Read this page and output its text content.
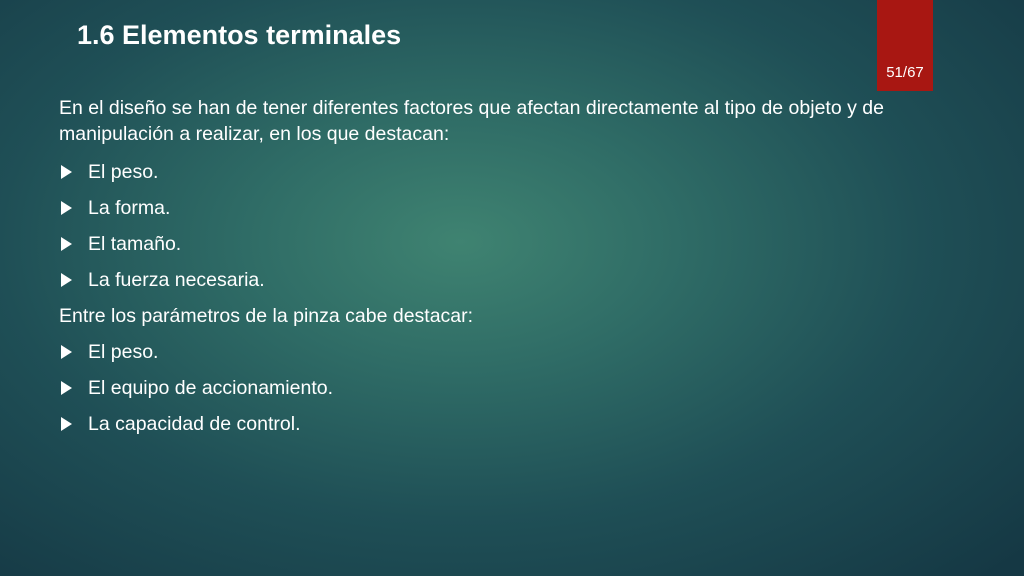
51/67
1.6 Elementos terminales

En el diseño se han de tener diferentes factores que afectan directamente al tipo de objeto y de manipulación a realizar, en los que destacan:

El peso.
La forma.
El tamaño.
La fuerza necesaria.

Entre los parámetros de la pinza cabe destacar:

El peso.
El equipo de accionamiento.
La capacidad de control.
